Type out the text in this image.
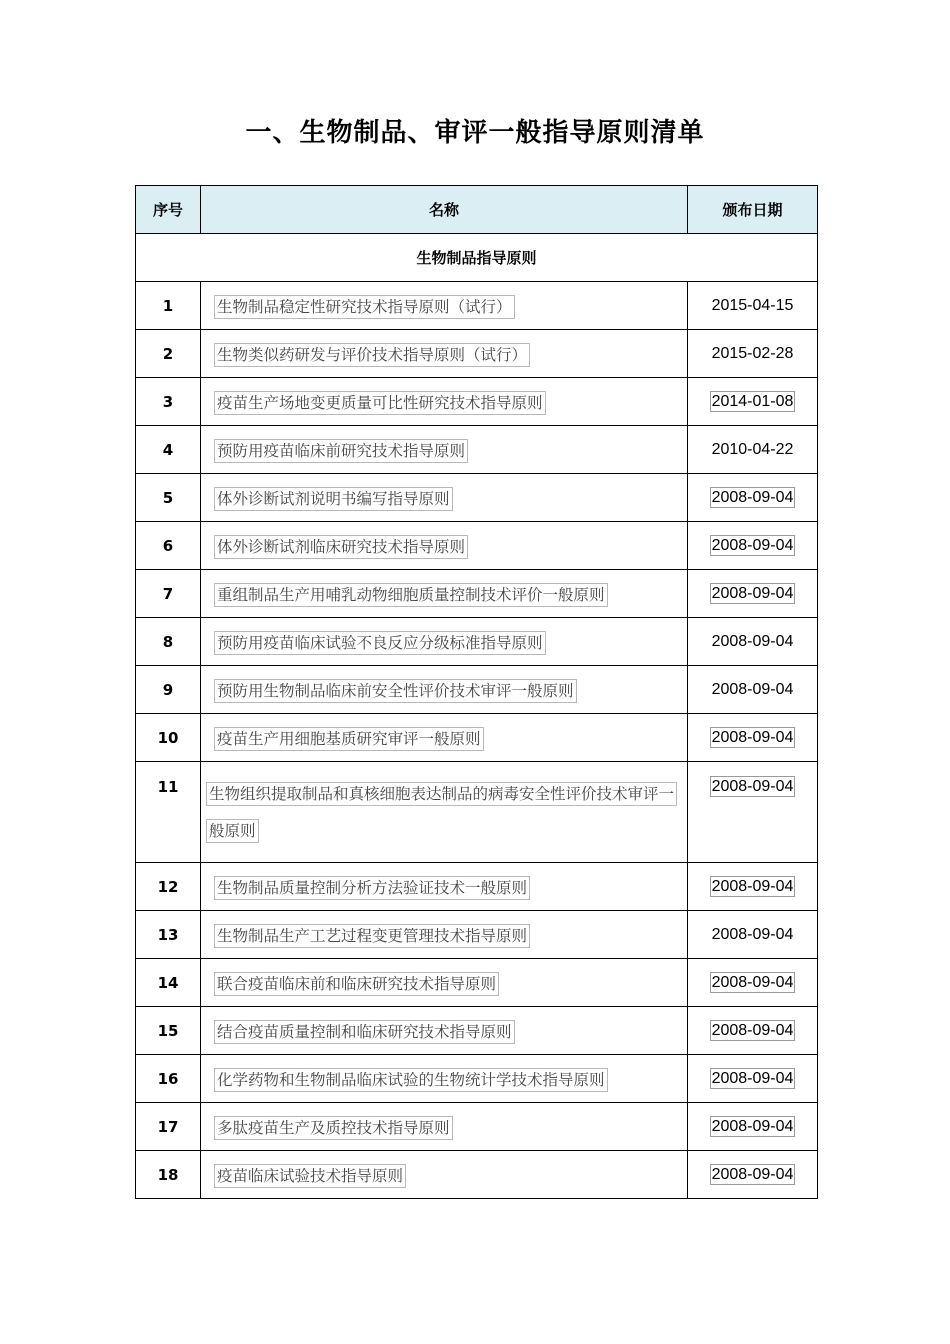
一、生物制品、审评一般指导原则清单
序号	名称	颁布日期
生物制品指导原则		
1	生物制品稳定性研究技术指导原则（试行）	2015-04-15
2	生物类似药研发与评价技术指导原则（试行）	2015-02-28
3	疫苗生产场地变更质量可比性研究技术指导原则	2014-01-08
4	预防用疫苗临床前研究技术指导原则	2010-04-22
5	体外诊断试剂说明书编写指导原则	2008-09-04
6	体外诊断试剂临床研究技术指导原则	2008-09-04
7	重组制品生产用哺乳动物细胞质量控制技术评价一般原则	2008-09-04
8	预防用疫苗临床试验不良反应分级标准指导原则	2008-09-04
9	预防用生物制品临床前安全性评价技术审评一般原则	2008-09-04
10	疫苗生产用细胞基质研究审评一般原则	2008-09-04
11	生物组织提取制品和真核细胞表达制品的病毒安全性评价技术审评一般原则	2008-09-04
12	生物制品质量控制分析方法验证技术一般原则	2008-09-04
13	生物制品生产工艺过程变更管理技术指导原则	2008-09-04
14	联合疫苗临床前和临床研究技术指导原则	2008-09-04
15	结合疫苗质量控制和临床研究技术指导原则	2008-09-04
16	化学药物和生物制品临床试验的生物统计学技术指导原则	2008-09-04
17	多肽疫苗生产及质控技术指导原则	2008-09-04
18	疫苗临床试验技术指导原则	2008-09-04
